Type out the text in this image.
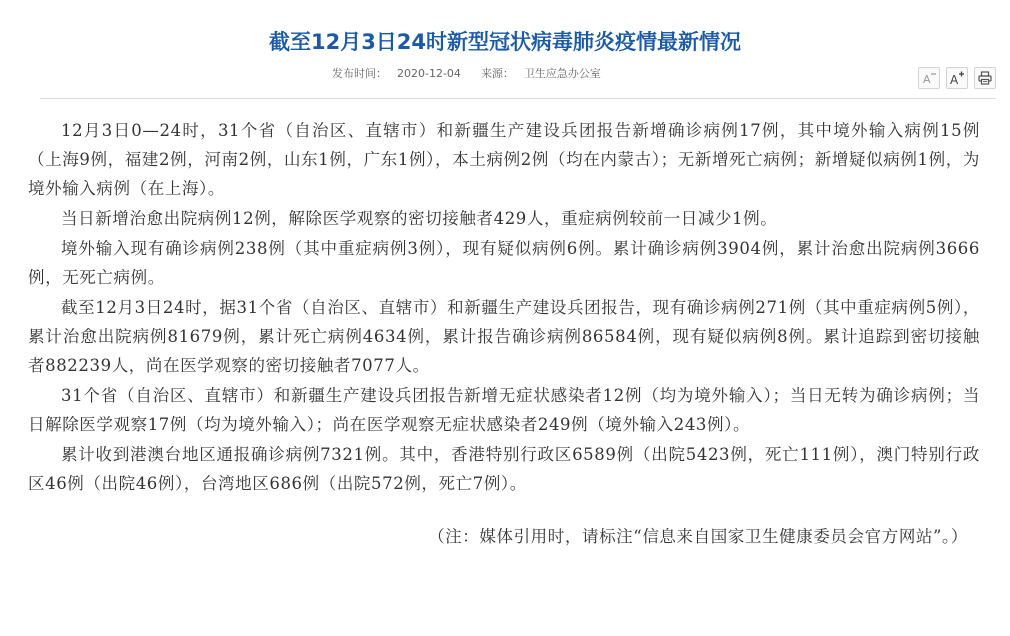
截至12月3日24时新型冠状病毒肺炎疫情最新情况
发布时间： 2020-12-04 来源： 卫生应急办公室	A A

12月3日0—24时，31个省（自治区、直辖市）和新疆生产建设兵团报告新增确诊病例17例，其中境外输入病例15例（上海9例，福建2例，河南2例，山东1例，广东1例），本土病例2例（均在内蒙古）；无新增死亡病例；新增疑似病例1例，为境外输入病例（在上海）。

当日新增治愈出院病例12例，解除医学观察的密切接触者429人，重症病例较前一日减少1例。

境外输入现有确诊病例238例（其中重症病例3例），现有疑似病例6例。累计确诊病例3904例，累计治愈出院病例3666例，无死亡病例。

截至12月3日24时，据31个省（自治区、直辖市）和新疆生产建设兵团报告，现有确诊病例271例（其中重症病例5例），累计治愈出院病例81679例，累计死亡病例4634例，累计报告确诊病例86584例，现有疑似病例8例。累计追踪到密切接触者882239人，尚在医学观察的密切接触者7077人。

31个省（自治区、直辖市）和新疆生产建设兵团报告新增无症状感染者12例（均为境外输入）；当日无转为确诊病例；当日解除医学观察17例（均为境外输入）；尚在医学观察无症状感染者249例（境外输入243例）。

累计收到港澳台地区通报确诊病例7321例。其中，香港特别行政区6589例（出院5423例，死亡111例），澳门特别行政区46例（出院46例），台湾地区686例（出院572例，死亡7例）。

（注：媒体引用时，请标注“信息来自国家卫生健康委员会官方网站”。）
